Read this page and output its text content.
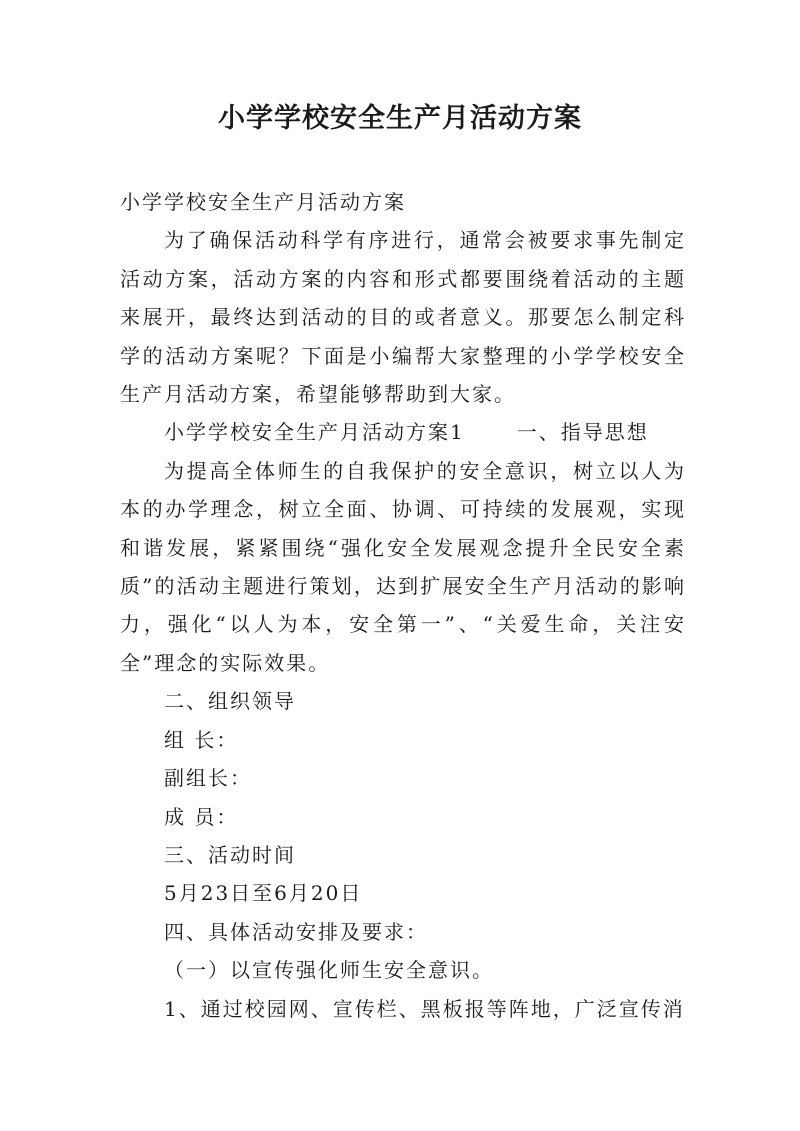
小学学校安全生产月活动方案

小学学校安全生产月活动方案

为了确保活动科学有序进行，通常会被要求事先制定活动方案，活动方案的内容和形式都要围绕着活动的主题来展开，最终达到活动的目的或者意义。那要怎么制定科学的活动方案呢？下面是小编帮大家整理的小学学校安全生产月活动方案，希望能够帮助到大家。

小学学校安全生产月活动方案1	一、指导思想

为提高全体师生的自我保护的安全意识，树立以人为本的办学理念，树立全面、协调、可持续的发展观，实现和谐发展，紧紧围绕“强化安全发展观念提升全民安全素质”的活动主题进行策划，达到扩展安全生产月活动的影响力，强化“以人为本，安全第一”、“关爱生命，关注安全”理念的实际效果。

二、组织领导

组 长：

副组长：

成 员：

三、活动时间

5月23日至6月20日

四、具体活动安排及要求：

（一）以宣传强化师生安全意识。

1、通过校园网、宣传栏、黑板报等阵地，广泛宣传消
